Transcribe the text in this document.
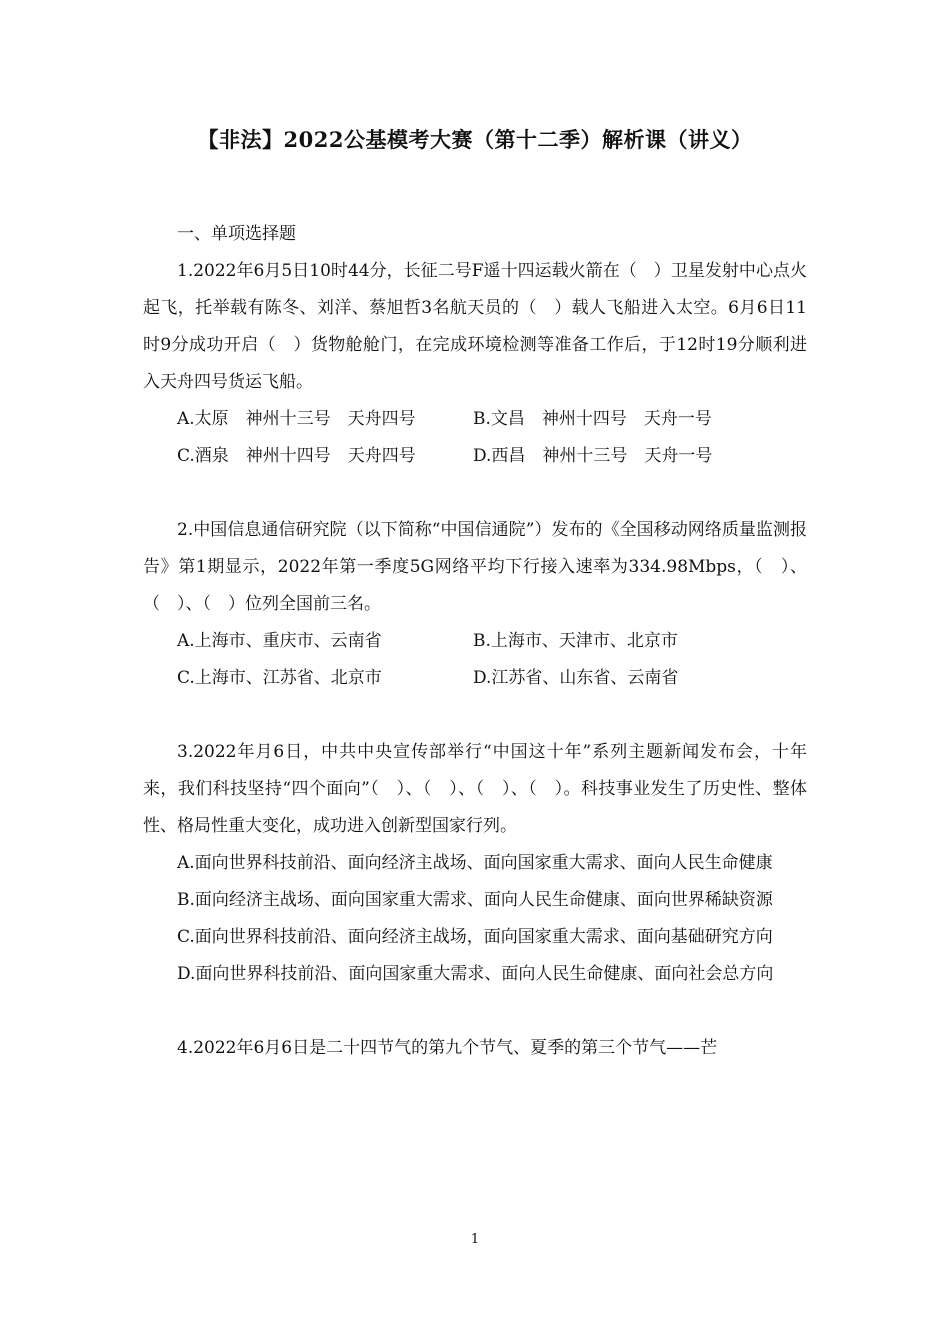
【非法】2022公基模考大赛（第十二季）解析课（讲义）

一、单项选择题

1.2022年6月5日10时44分，长征二号F遥十四运载火箭在（　）卫星发射中心点火起飞，托举载有陈冬、刘洋、蔡旭哲3名航天员的（　）载人飞船进入太空。6月6日11时9分成功开启（　）货物舱舱门，在完成环境检测等准备工作后，于12时19分顺利进入天舟四号货运飞船。

A.太原　神州十三号　天舟四号	B.文昌　神州十四号　天舟一号
C.酒泉　神州十四号　天舟四号	D.西昌　神州十三号　天舟一号

2.中国信息通信研究院（以下简称“中国信通院”）发布的《全国移动网络质量监测报告》第1期显示，2022年第一季度5G网络平均下行接入速率为334.98Mbps，（　）、（　）、（　）位列全国前三名。

A.上海市、重庆市、云南省	B.上海市、天津市、北京市
C.上海市、江苏省、北京市	D.江苏省、山东省、云南省

3.2022年月6日，中共中央宣传部举行“中国这十年”系列主题新闻发布会，十年来，我们科技坚持“四个面向”（　）、（　）、（　）、（　）。科技事业发生了历史性、整体性、格局性重大变化，成功进入创新型国家行列。

A.面向世界科技前沿、面向经济主战场、面向国家重大需求、面向人民生命健康

B.面向经济主战场、面向国家重大需求、面向人民生命健康、面向世界稀缺资源

C.面向世界科技前沿、面向经济主战场，面向国家重大需求、面向基础研究方向

D.面向世界科技前沿、面向国家重大需求、面向人民生命健康、面向社会总方向

4.2022年6月6日是二十四节气的第九个节气、夏季的第三个节气——芒

1
